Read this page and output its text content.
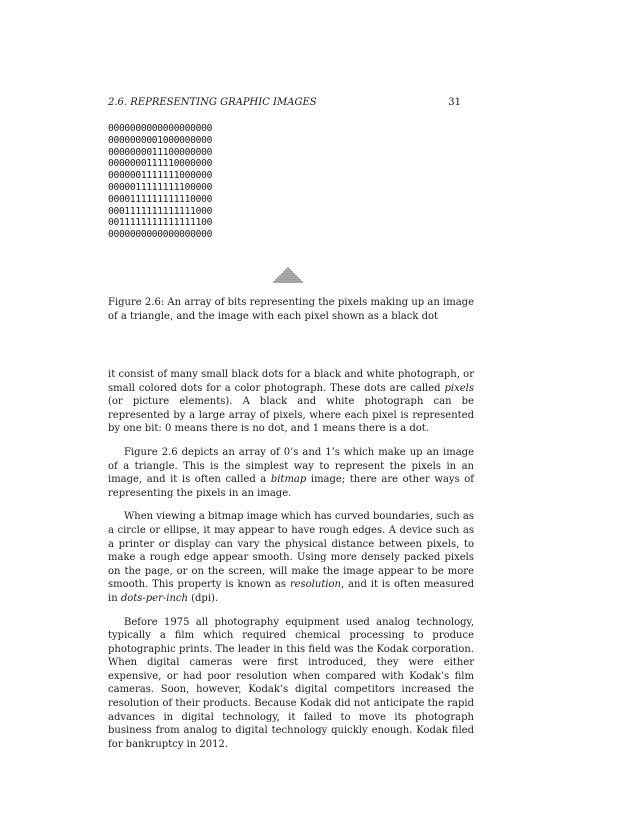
2.6. REPRESENTING GRAPHIC IMAGES	31
0000000000000000000
0000000001000000000
0000000011100000000
0000000111110000000
0000001111111000000
0000011111111100000
0000111111111110000
0001111111111111000
0011111111111111100
0000000000000000000
Figure 2.6: An array of bits representing the pixels making up an image of a triangle, and the image with each pixel shown as a black dot

it consist of many small black dots for a black and white photograph, or small colored dots for a color photograph. These dots are called pixels (or picture elements). A black and white photograph can be represented by a large array of pixels, where each pixel is represented by one bit: 0 means there is no dot, and 1 means there is a dot.

Figure 2.6 depicts an array of 0’s and 1’s which make up an image of a triangle. This is the simplest way to represent the pixels in an image, and it is often called a bitmap image; there are other ways of representing the pixels in an image.

When viewing a bitmap image which has curved boundaries, such as a circle or ellipse, it may appear to have rough edges. A device such as a printer or display can vary the physical distance between pixels, to make a rough edge appear smooth. Using more densely packed pixels on the page, or on the screen, will make the image appear to be more smooth. This property is known as resolution, and it is often measured in dots-per-inch (dpi).

Before 1975 all photography equipment used analog technology, typically a film which required chemical processing to produce photographic prints. The leader in this field was the Kodak corporation. When digital cameras were first introduced, they were either expensive, or had poor resolution when compared with Kodak’s film cameras. Soon, however, Kodak’s digital competitors increased the resolution of their products. Because Kodak did not anticipate the rapid advances in digital technology, it failed to move its photograph business from analog to digital technology quickly enough. Kodak filed for bankruptcy in 2012.
